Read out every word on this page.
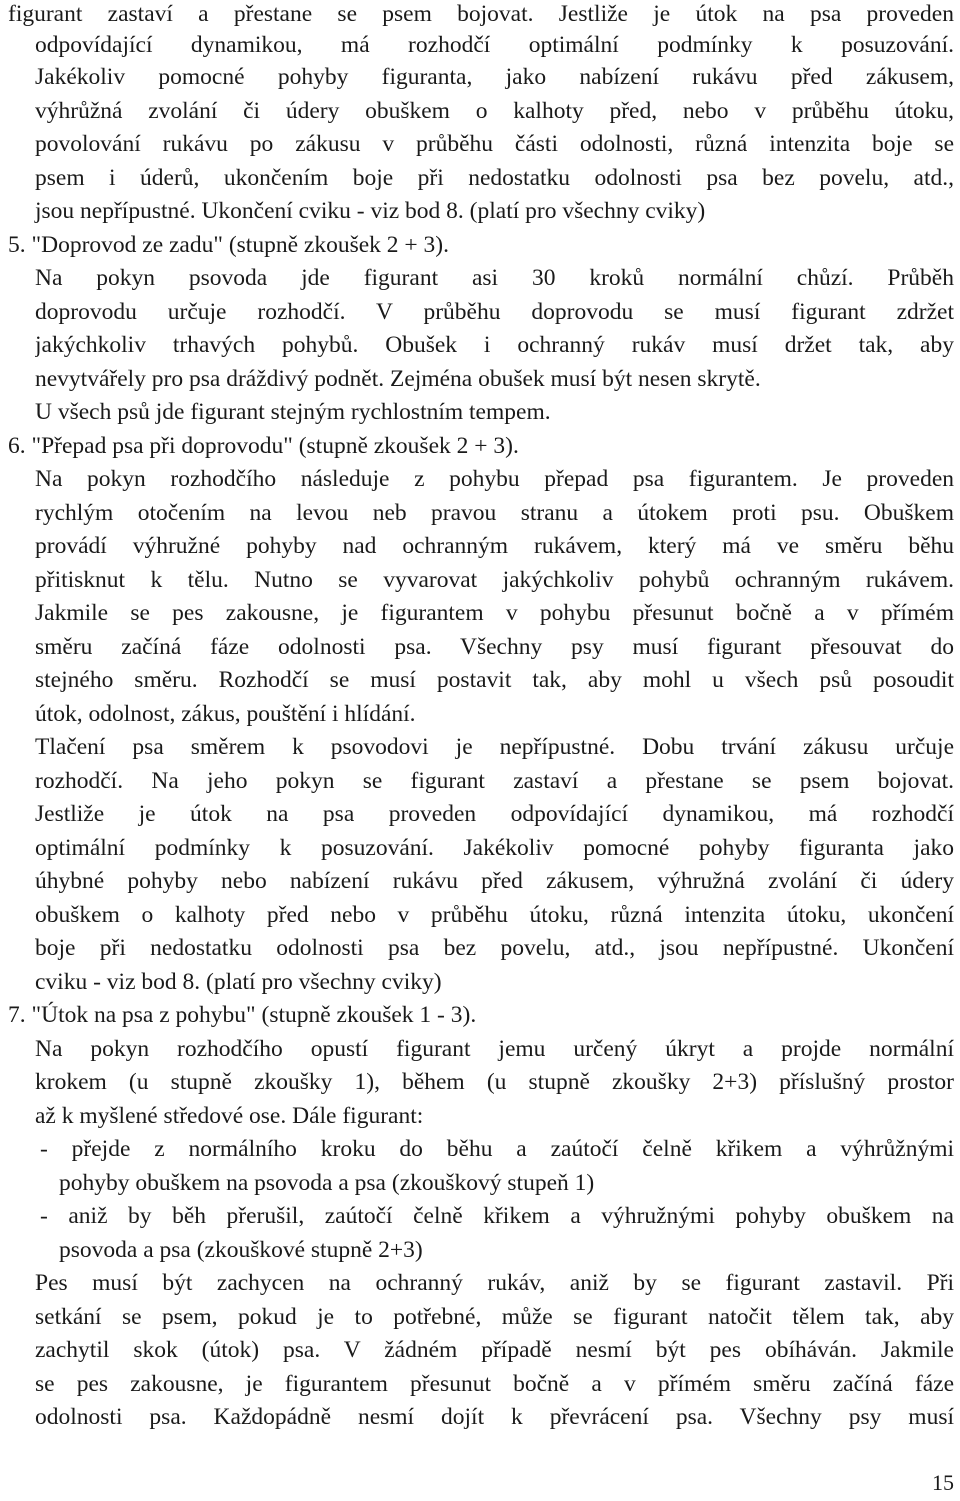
figurant zastaví a přestane se psem bojovat. Jestliže je útok na psa proveden

odpovídající dynamikou, má rozhodčí optimální podmínky k posuzování.

Jakékoliv pomocné pohyby figuranta, jako nabízení rukávu před zákusem,

výhrůžná zvolání či údery obuškem o kalhoty před, nebo v průběhu útoku,

povolování rukávu po zákusu v průběhu části odolnosti, různá intenzita boje se

psem i úderů, ukončením boje při nedostatku odolnosti psa bez povelu, atd.,

jsou nepřípustné. Ukončení cviku - viz bod 8. (platí pro všechny cviky)

5. "Doprovod ze zadu" (stupně zkoušek 2 + 3).

Na pokyn psovoda jde figurant asi 30 kroků normální chůzí. Průběh

doprovodu určuje rozhodčí. V průběhu doprovodu se musí figurant zdržet

jakýchkoliv trhavých pohybů. Obušek i ochranný rukáv musí držet tak, aby

nevytvářely pro psa dráždivý podnět. Zejména obušek musí být nesen skrytě.

U všech psů jde figurant stejným rychlostním tempem.

6. "Přepad psa při doprovodu" (stupně zkoušek 2 + 3).

Na pokyn rozhodčího následuje z pohybu přepad psa figurantem. Je proveden

rychlým otočením na levou neb pravou stranu a útokem proti psu. Obuškem

provádí výhružné pohyby nad ochranným rukávem, který má ve směru běhu

přitisknut k tělu. Nutno se vyvarovat jakýchkoliv pohybů ochranným rukávem.

Jakmile se pes zakousne, je figurantem v pohybu přesunut bočně a v přímém

směru začíná fáze odolnosti psa. Všechny psy musí figurant přesouvat do

stejného směru. Rozhodčí se musí postavit tak, aby mohl u všech psů posoudit

útok, odolnost, zákus, pouštění i hlídání.

Tlačení psa směrem k psovodovi je nepřípustné. Dobu trvání zákusu určuje

rozhodčí. Na jeho pokyn se figurant zastaví a přestane se psem bojovat.

Jestliže je útok na psa proveden odpovídající dynamikou, má rozhodčí

optimální podmínky k posuzování. Jakékoliv pomocné pohyby figuranta jako

úhybné pohyby nebo nabízení rukávu před zákusem, výhružná zvolání či údery

obuškem o kalhoty před nebo v průběhu útoku, různá intenzita útoku, ukončení

boje při nedostatku odolnosti psa bez povelu, atd., jsou nepřípustné. Ukončení

cviku - viz bod 8. (platí pro všechny cviky)

7. "Útok na psa z pohybu" (stupně zkoušek 1 - 3).

Na pokyn rozhodčího opustí figurant jemu určený úkryt a projde normální

krokem (u stupně zkoušky 1), během (u stupně zkoušky 2+3) příslušný prostor

až k myšlené středové ose. Dále figurant:

- přejde z normálního kroku do běhu a zaútočí čelně křikem a výhrůžnými

pohyby obuškem na psovoda a psa (zkouškový stupeň 1)

- aniž by běh přerušil, zaútočí čelně křikem a výhružnými pohyby obuškem na

psovoda a psa (zkouškové stupně 2+3)

Pes musí být zachycen na ochranný rukáv, aniž by se figurant zastavil. Při

setkání se psem, pokud je to potřebné, může se figurant natočit tělem tak, aby

zachytil skok (útok) psa. V žádném případě nesmí být pes obíháván. Jakmile

se pes zakousne, je figurantem přesunut bočně a v přímém směru začíná fáze

odolnosti psa. Každopádně nesmí dojít k převrácení psa. Všechny psy musí

15
